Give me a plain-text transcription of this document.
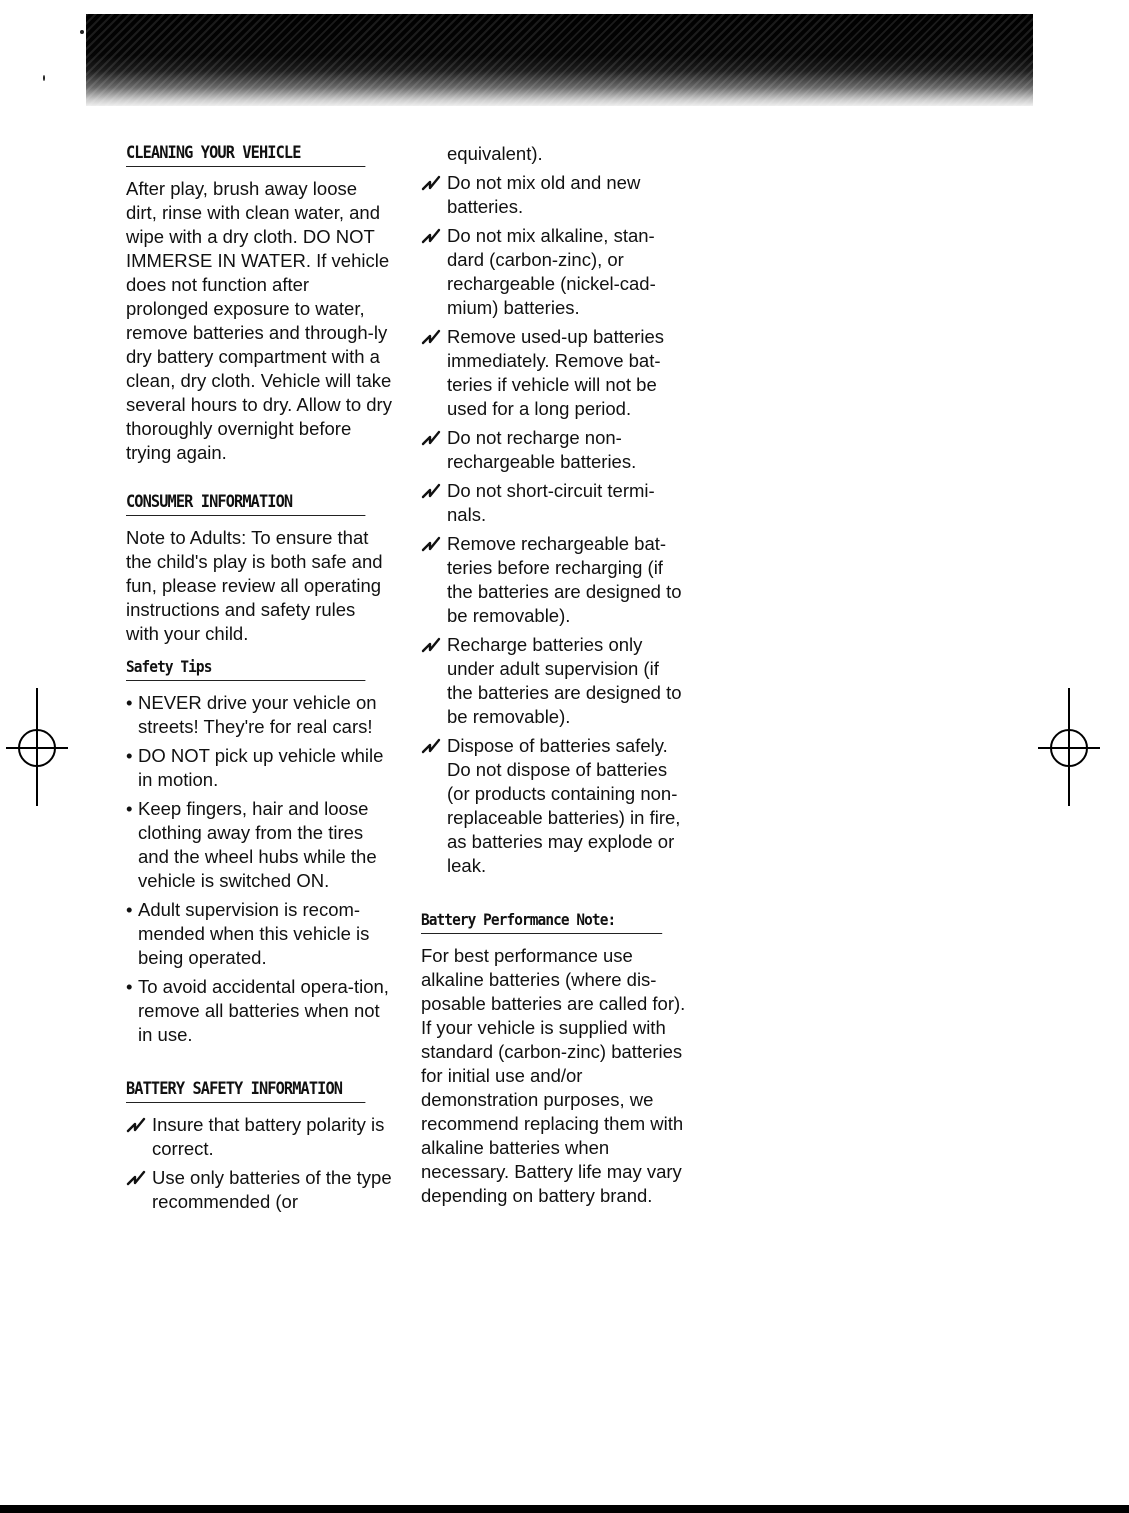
CLEANING YOUR VEHICLE

After play, brush away loose dirt, rinse with clean water, and wipe with a dry cloth. DO NOT IMMERSE IN WATER. If vehicle does not function after prolonged exposure to water, remove batteries and through-ly dry battery compartment with a clean, dry cloth. Vehicle will take several hours to dry. Allow to dry thoroughly overnight before trying again.

CONSUMER INFORMATION

Note to Adults: To ensure that the child's play is both safe and fun, please review all operating instructions and safety rules with your child.

Safety Tips
• NEVER drive your vehicle on streets! They're for real cars!
• DO NOT pick up vehicle while in motion.
• Keep fingers, hair and loose clothing away from the tires and the wheel hubs while the vehicle is switched ON.
• Adult supervision is recom-mended when this vehicle is being operated.
• To avoid accidental opera-tion, remove all batteries when not in use.
BATTERY SAFETY INFORMATION
Insure that battery polarity is correct.
Use only batteries of the type recommended (or
equivalent).
Do not mix old and new batteries.
Do not mix alkaline, stan-dard (carbon-zinc), or rechargeable (nickel-cad-mium) batteries.
Remove used-up batteries immediately. Remove bat-teries if vehicle will not be used for a long period.
Do not recharge non-rechargeable batteries.
Do not short-circuit termi-nals.
Remove rechargeable bat-teries before recharging (if the batteries are designed to be removable).
Recharge batteries only under adult supervision (if the batteries are designed to be removable).
Dispose of batteries safely. Do not dispose of batteries (or products containing non-replaceable batteries) in fire, as batteries may explode or leak.
Battery Performance Note:

For best performance use alkaline batteries (where dis-posable batteries are called for). If your vehicle is supplied with standard (carbon-zinc) batteries for initial use and/or demonstration purposes, we recommend replacing them with alkaline batteries when necessary. Battery life may vary depending on battery brand.
